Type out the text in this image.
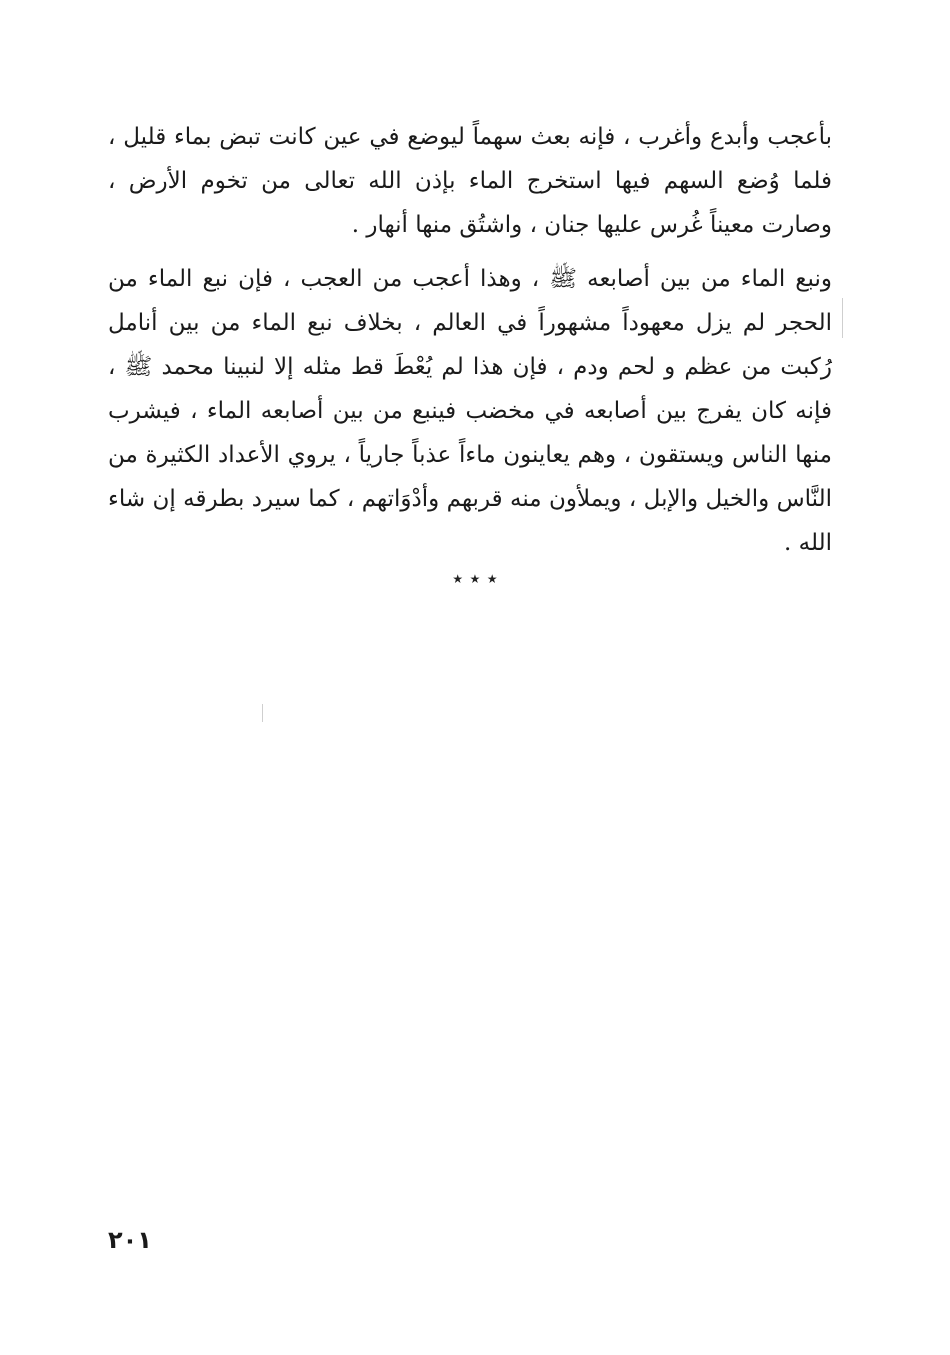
بأعجب وأبدع وأغرب ، فإنه بعث سهماً ليوضع في عين كانت تبض بماء قليل ، فلما وُضع السهم فيها استخرج الماء بإذن الله تعالى من تخوم الأرض ، وصارت معيناً غُرس عليها جنان ، واشتُق منها أنهار .

ونبع الماء من بين أصابعه ﷺ ، وهذا أعجب من العجب ، فإن نبع الماء من الحجر لم يزل معهوداً مشهوراً في العالم ، بخلاف نبع الماء من بين أنامل رُكبت من عظم و لحم ودم ، فإن هذا لم يُعْطَ قط مثله إلا لنبينا محمد ﷺ ، فإنه كان يفرج بين أصابعه في مخضب فينبع من بين أصابعه الماء ، فيشرب منها الناس ويستقون ، وهم يعاينون ماءاً عذباً جارياً ، يروي الأعداد الكثيرة من النَّاس والخيل والإبل ، ويملأون منه قربهم وأدْوَاتهم ، كما سيرد بطرقه إن شاء الله .

٭ ٭ ٭
٢٠١
